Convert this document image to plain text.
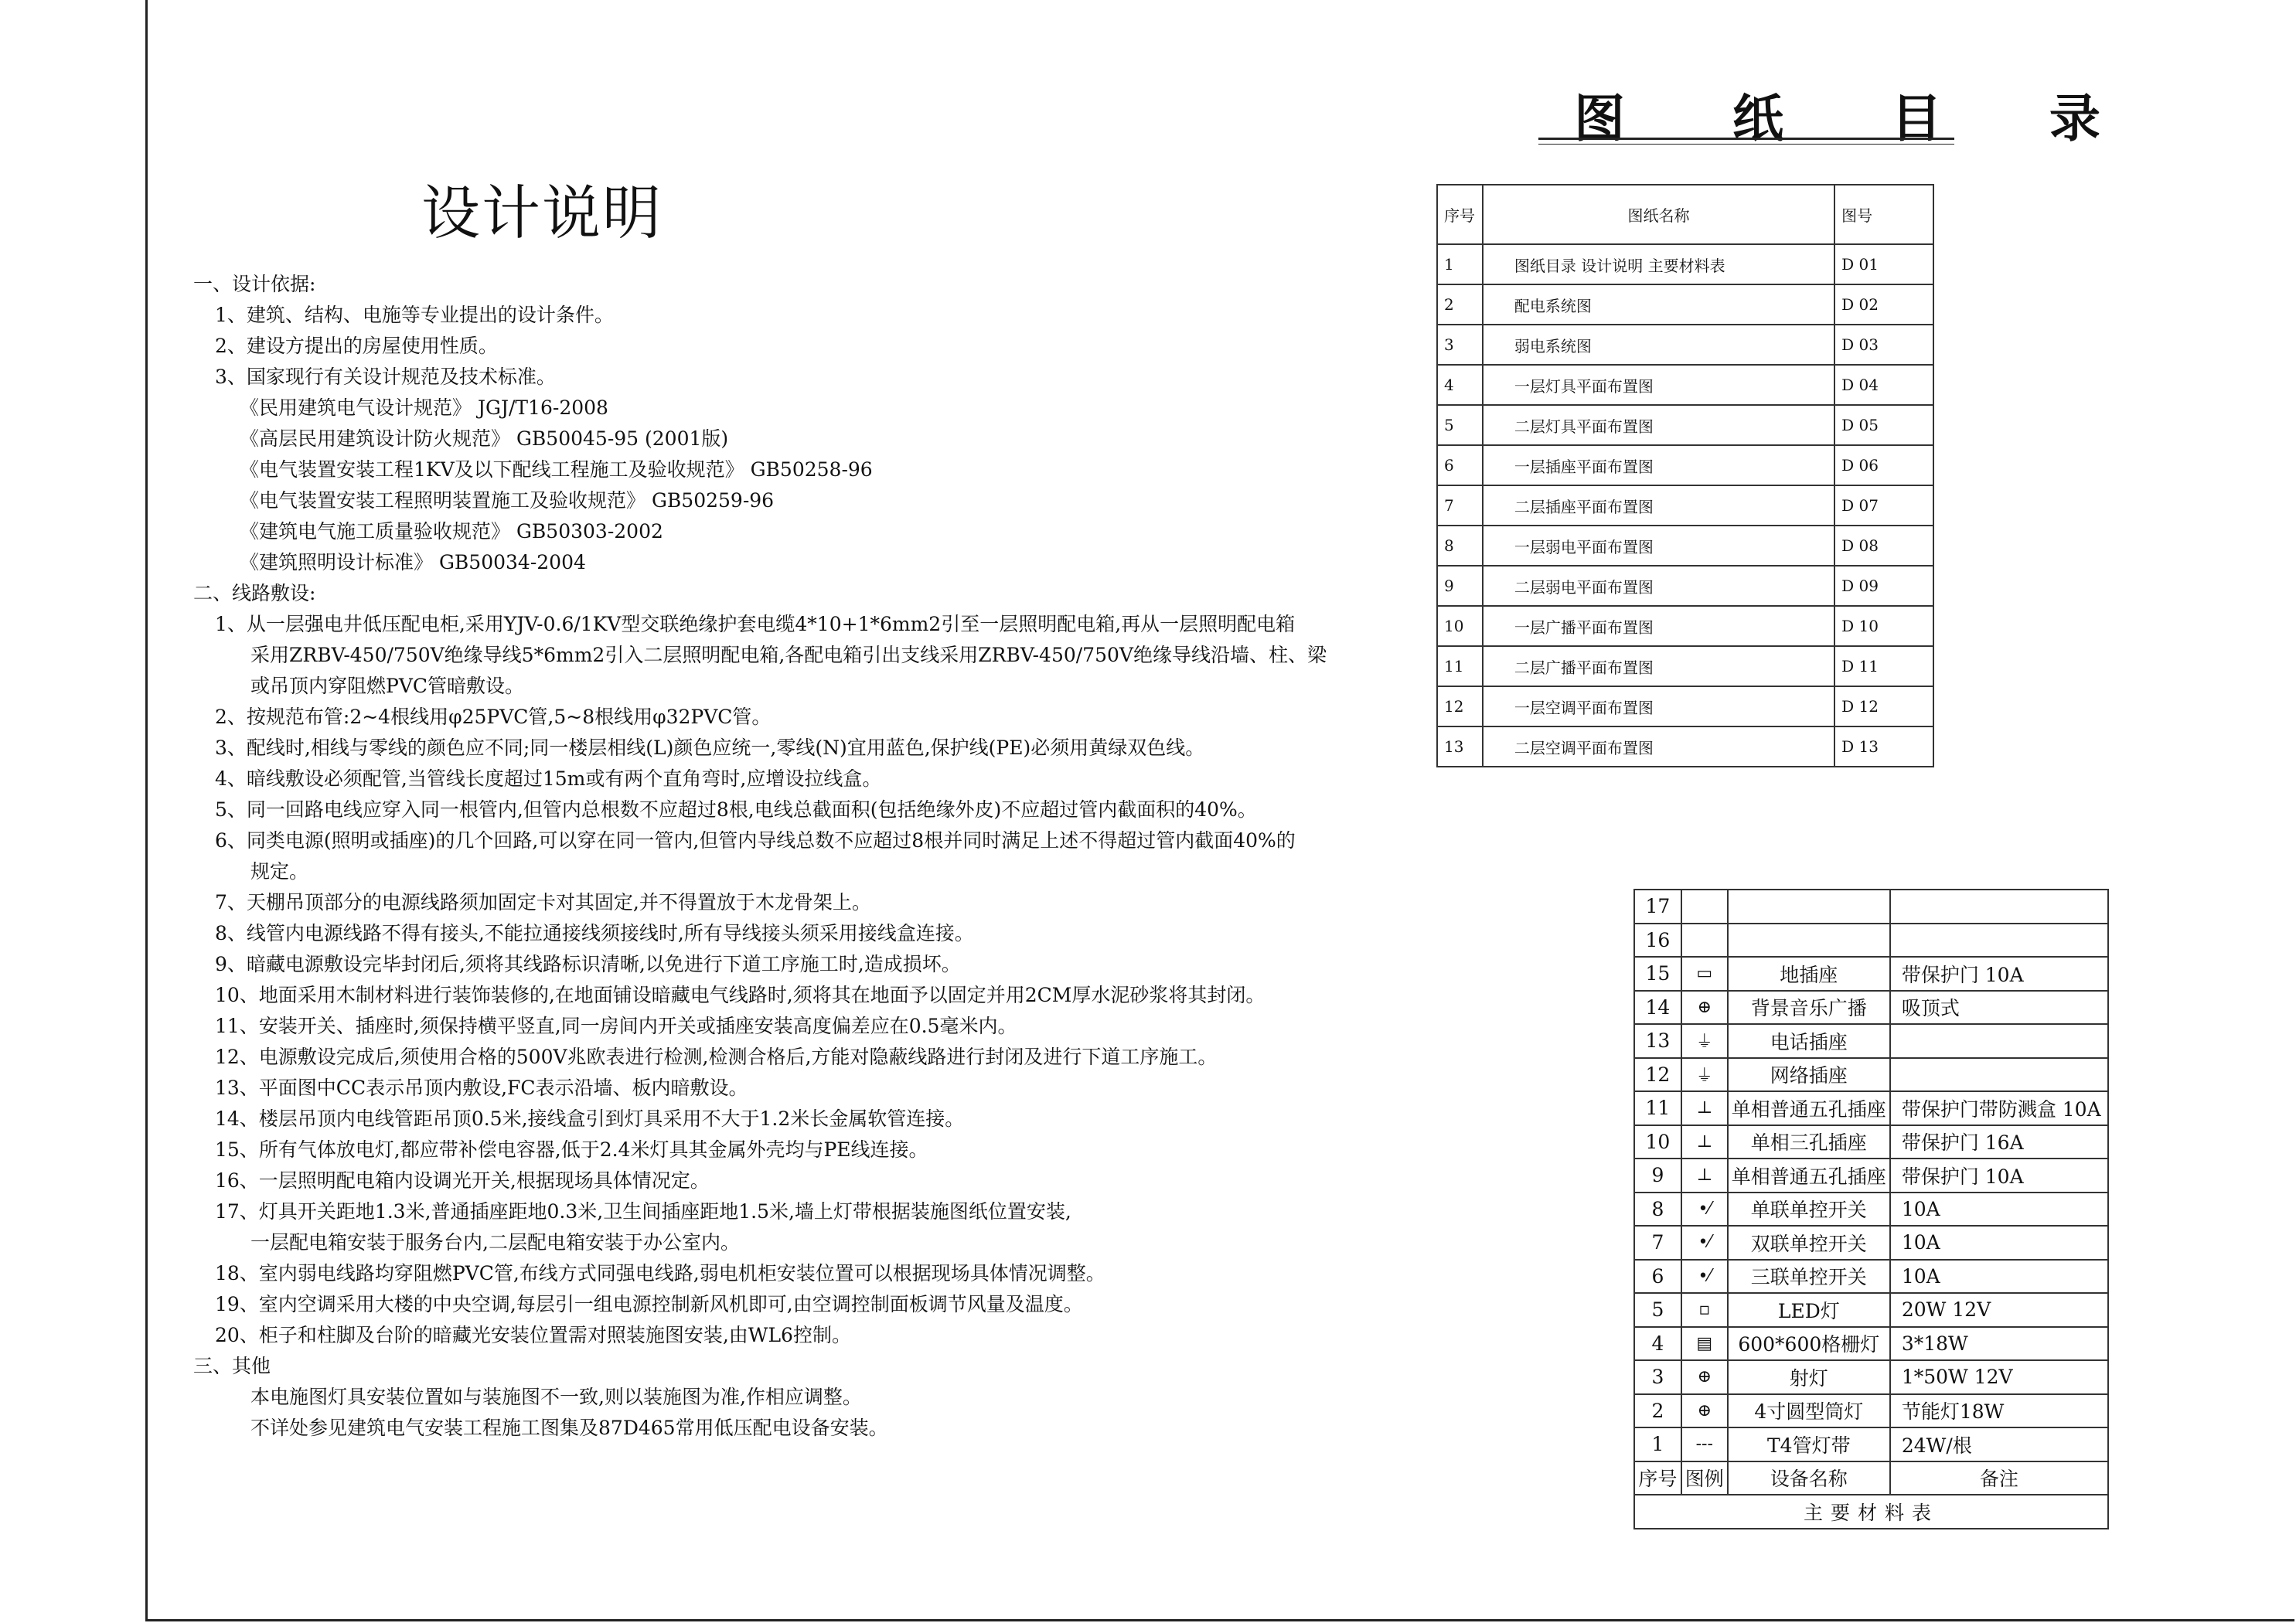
设计说明
一、设计依据:
1、建筑、结构、电施等专业提出的设计条件。
2、建设方提出的房屋使用性质。
3、国家现行有关设计规范及技术标准。
《民用建筑电气设计规范》 JGJ/T16-2008
《高层民用建筑设计防火规范》 GB50045-95 (2001版)
《电气装置安装工程1KV及以下配线工程施工及验收规范》 GB50258-96
《电气装置安装工程照明装置施工及验收规范》 GB50259-96
《建筑电气施工质量验收规范》 GB50303-2002
《建筑照明设计标准》 GB50034-2004
二、线路敷设:
1、从一层强电井低压配电柜,采用YJV-0.6/1KV型交联绝缘护套电缆4*10+1*6mm2引至一层照明配电箱,再从一层照明配电箱
采用ZRBV-450/750V绝缘导线5*6mm2引入二层照明配电箱,各配电箱引出支线采用ZRBV-450/750V绝缘导线沿墙、柱、梁
或吊顶内穿阻燃PVC管暗敷设。
2、按规范布管:2~4根线用φ25PVC管,5~8根线用φ32PVC管。
3、配线时,相线与零线的颜色应不同;同一楼层相线(L)颜色应统一,零线(N)宜用蓝色,保护线(PE)必须用黄绿双色线。
4、暗线敷设必须配管,当管线长度超过15m或有两个直角弯时,应增设拉线盒。
5、同一回路电线应穿入同一根管内,但管内总根数不应超过8根,电线总截面积(包括绝缘外皮)不应超过管内截面积的40%。
6、同类电源(照明或插座)的几个回路,可以穿在同一管内,但管内导线总数不应超过8根并同时满足上述不得超过管内截面40%的
规定。
7、天棚吊顶部分的电源线路须加固定卡对其固定,并不得置放于木龙骨架上。
8、线管内电源线路不得有接头,不能拉通接线须接线时,所有导线接头须采用接线盒连接。
9、暗藏电源敷设完毕封闭后,须将其线路标识清晰,以免进行下道工序施工时,造成损坏。
10、地面采用木制材料进行装饰装修的,在地面铺设暗藏电气线路时,须将其在地面予以固定并用2CM厚水泥砂浆将其封闭。
11、安装开关、插座时,须保持横平竖直,同一房间内开关或插座安装高度偏差应在0.5毫米内。
12、电源敷设完成后,须使用合格的500V兆欧表进行检测,检测合格后,方能对隐蔽线路进行封闭及进行下道工序施工。
13、平面图中CC表示吊顶内敷设,FC表示沿墙、板内暗敷设。
14、楼层吊顶内电线管距吊顶0.5米,接线盒引到灯具采用不大于1.2米长金属软管连接。
15、所有气体放电灯,都应带补偿电容器,低于2.4米灯具其金属外壳均与PE线连接。
16、一层照明配电箱内设调光开关,根据现场具体情况定。
17、灯具开关距地1.3米,普通插座距地0.3米,卫生间插座距地1.5米,墙上灯带根据装施图纸位置安装,
一层配电箱安装于服务台内,二层配电箱安装于办公室内。
18、室内弱电线路均穿阻燃PVC管,布线方式同强电线路,弱电机柜安装位置可以根据现场具体情况调整。
19、室内空调采用大楼的中央空调,每层引一组电源控制新风机即可,由空调控制面板调节风量及温度。
20、柜子和柱脚及台阶的暗藏光安装位置需对照装施图安装,由WL6控制。
三、其他
本电施图灯具安装位置如与装施图不一致,则以装施图为准,作相应调整。
不详处参见建筑电气安装工程施工图集及87D465常用低压配电设备安装。
图 纸 目 录
序号	图纸名称	图号
1	图纸目录 设计说明 主要材料表	D 01
2	配电系统图	D 02
3	弱电系统图	D 03
4	一层灯具平面布置图	D 04
5	二层灯具平面布置图	D 05
6	一层插座平面布置图	D 06
7	二层插座平面布置图	D 07
8	一层弱电平面布置图	D 08
9	二层弱电平面布置图	D 09
10	一层广播平面布置图	D 10
11	二层广播平面布置图	D 11
12	一层空调平面布置图	D 12
13	二层空调平面布置图	D 13
17			
16			
15	▭	地插座	带保护门 10A
14	⊕	背景音乐广播	吸顶式
13	⏚	电话插座	
12	⏚	网络插座	
11	⊥	单相普通五孔插座	带保护门带防溅盒 10A
10	⊥	单相三孔插座	带保护门 16A
9	⊥	单相普通五孔插座	带保护门 10A
8	•⁄	单联单控开关	10A
7	•⁄	双联单控开关	10A
6	•⁄	三联单控开关	10A
5	▫	LED灯	20W 12V
4	▤	600*600格栅灯	3*18W
3	⊕	射灯	1*50W 12V
2	⊕	4寸圆型筒灯	节能灯18W
1	---	T4管灯带	24W/根
序号	图例	设备名称	备注
主要材料表			
